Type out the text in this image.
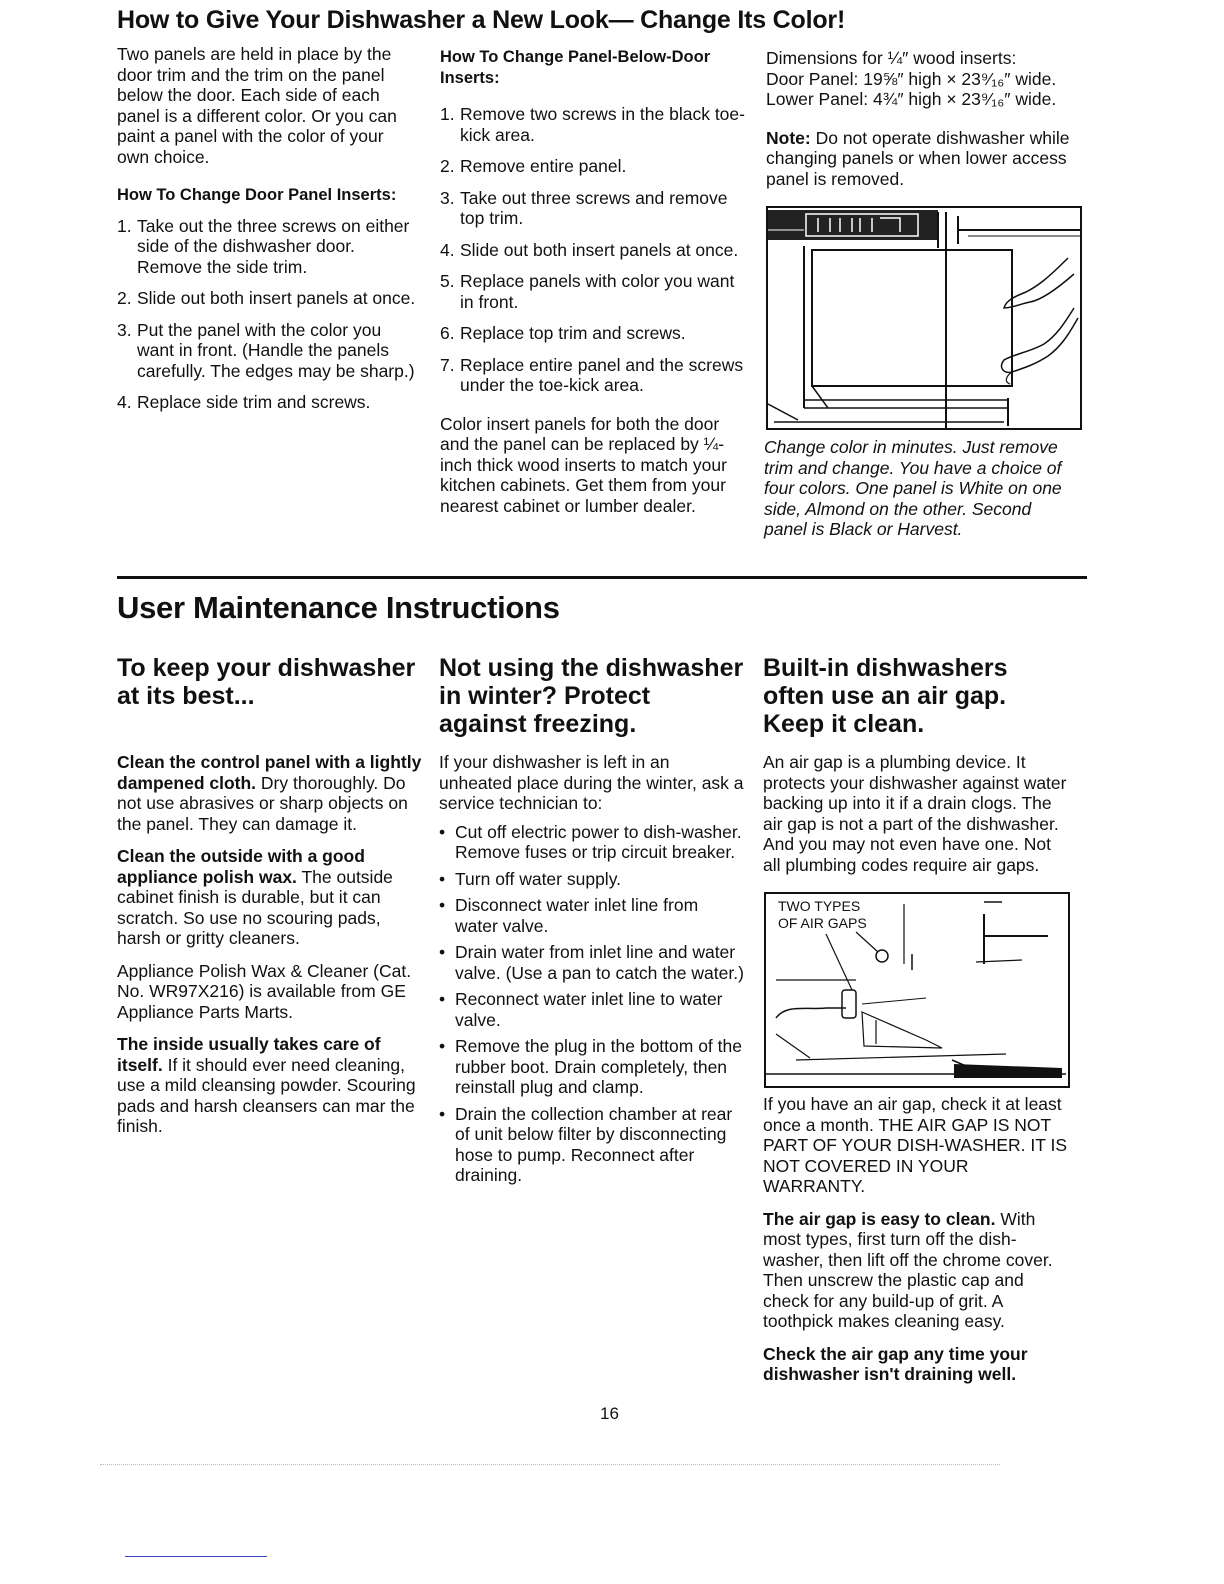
How to Give Your Dishwasher a New Look— Change Its Color!

Two panels are held in place by the door trim and the trim on the panel below the door. Each side of each panel is a different color. Or you can paint a panel with the color of your own choice.

How To Change Door Panel Inserts:
1. Take out the three screws on either side of the dishwasher door. Remove the side trim.
2. Slide out both insert panels at once.
3. Put the panel with the color you want in front. (Handle the panels carefully. The edges may be sharp.)
4. Replace side trim and screws.
How To Change Panel-Below-Door Inserts:
1. Remove two screws in the black toe-kick area.
2. Remove entire panel.
3. Take out three screws and remove top trim.
4. Slide out both insert panels at once.
5. Replace panels with color you want in front.
6. Replace top trim and screws.
7. Replace entire panel and the screws under the toe-kick area.

Color insert panels for both the door and the panel can be replaced by ¼-inch thick wood inserts to match your kitchen cabinets. Get them from your nearest cabinet or lumber dealer.

Dimensions for ¼″ wood inserts:
Door Panel: 19⅝″ high × 23⁹⁄₁₆″ wide.
Lower Panel: 4¾″ high × 23⁹⁄₁₆″ wide.

Note: Do not operate dishwasher while changing panels or when lower access panel is removed.

Change color in minutes. Just remove trim and change. You have a choice of four colors. One panel is White on one side, Almond on the other. Second panel is Black or Harvest.
User Maintenance Instructions
To keep your dishwasher at its best...

Clean the control panel with a lightly dampened cloth. Dry thoroughly. Do not use abrasives or sharp objects on the panel. They can damage it.

Clean the outside with a good appliance polish wax. The outside cabinet finish is durable, but it can scratch. So use no scouring pads, harsh or gritty cleaners.

Appliance Polish Wax & Cleaner (Cat. No. WR97X216) is available from GE Appliance Parts Marts.

The inside usually takes care of itself. If it should ever need cleaning, use a mild cleansing powder. Scouring pads and harsh cleansers can mar the finish.

Not using the dishwasher in winter? Protect against freezing.

If your dishwasher is left in an unheated place during the winter, ask a service technician to:

• Cut off electric power to dish-washer. Remove fuses or trip circuit breaker.
• Turn off water supply.
• Disconnect water inlet line from water valve.
• Drain water from inlet line and water valve. (Use a pan to catch the water.)
• Reconnect water inlet line to water valve.
• Remove the plug in the bottom of the rubber boot. Drain completely, then reinstall plug and clamp.
• Drain the collection chamber at rear of unit below filter by disconnecting hose to pump. Reconnect after draining.
Built-in dishwashers often use an air gap. Keep it clean.

An air gap is a plumbing device. It protects your dishwasher against water backing up into it if a drain clogs. The air gap is not a part of the dishwasher. And you may not even have one. Not all plumbing codes require air gaps.

TWO TYPES
OF AIR GAPS

If you have an air gap, check it at least once a month. THE AIR GAP IS NOT PART OF YOUR DISH-WASHER. IT IS NOT COVERED IN YOUR WARRANTY.

The air gap is easy to clean. With most types, first turn off the dish-washer, then lift off the chrome cover. Then unscrew the plastic cap and check for any build-up of grit. A toothpick makes cleaning easy.

Check the air gap any time your dishwasher isn't draining well.

16
